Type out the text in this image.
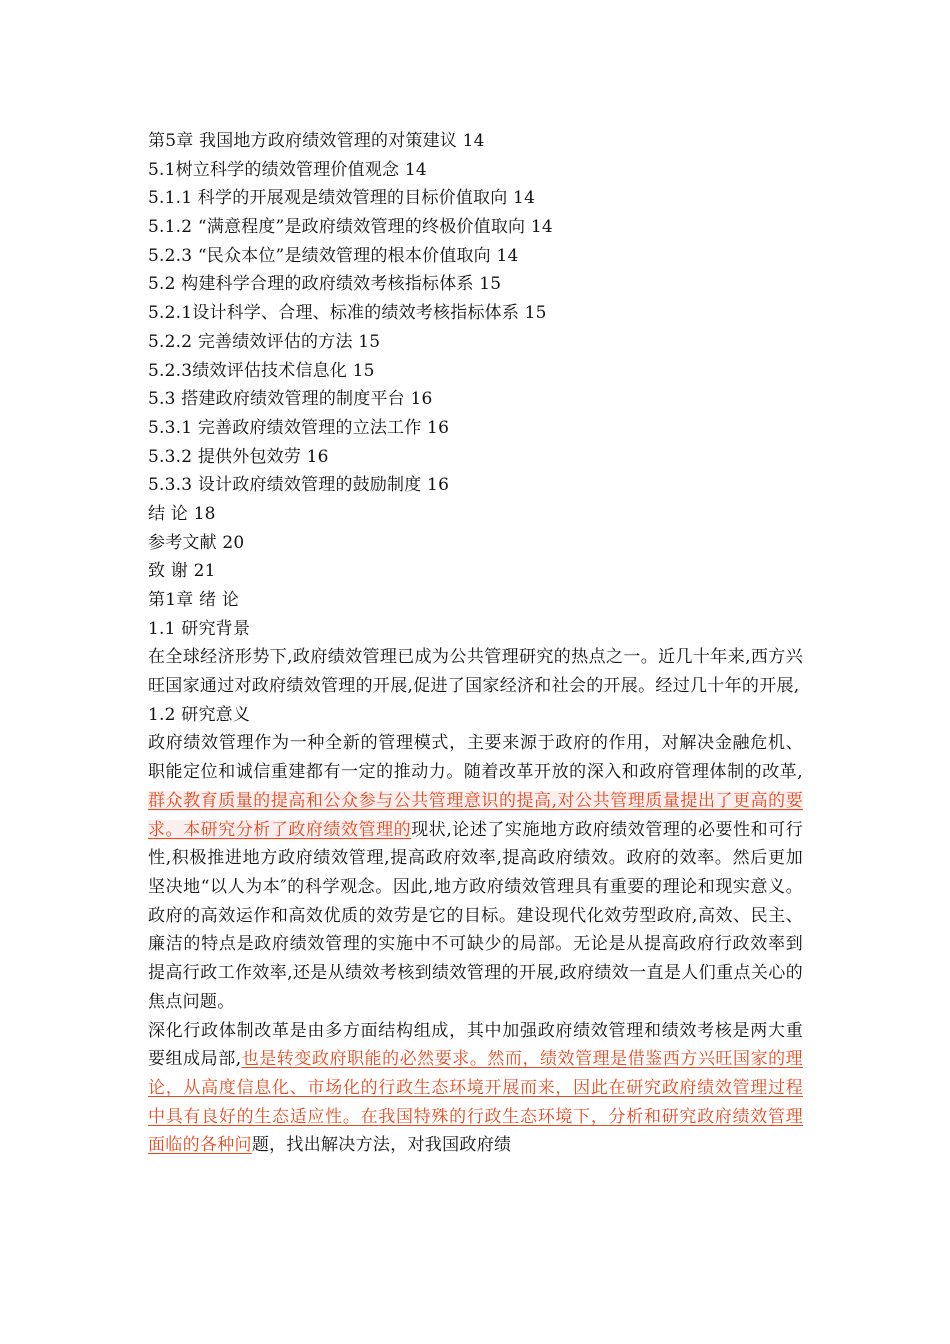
第5章 我国地方政府绩效管理的对策建议 14
5.1树立科学的绩效管理价值观念 14
5.1.1 科学的开展观是绩效管理的目标价值取向 14
5.1.2 “满意程度”是政府绩效管理的终极价值取向 14
5.2.3 “民众本位”是绩效管理的根本价值取向 14
5.2 构建科学合理的政府绩效考核指标体系 15
5.2.1设计科学、合理、标准的绩效考核指标体系 15
5.2.2 完善绩效评估的方法 15
5.2.3绩效评估技术信息化 15
5.3 搭建政府绩效管理的制度平台 16
5.3.1 完善政府绩效管理的立法工作 16
5.3.2 提供外包效劳 16
5.3.3 设计政府绩效管理的鼓励制度 16
结 论 18
参考文献 20
致 谢 21
第1章 绪 论
1.1 研究背景
在全球经济形势下,政府绩效管理已成为公共管理研究的热点之一。近几十年来,西方兴旺国家通过对政府绩效管理的开展,促进了国家经济和社会的开展。经过几十年的开展,
1.2 研究意义
政府绩效管理作为一种全新的管理模式，主要来源于政府的作用，对解决金融危机、职能定位和诚信重建都有一定的推动力。随着改革开放的深入和政府管理体制的改革,群众教育质量的提高和公众参与公共管理意识的提高,对公共管理质量提出了更高的要求。本研究分析了政府绩效管理的现状,论述了实施地方政府绩效管理的必要性和可行性,积极推进地方政府绩效管理,提高政府效率,提高政府绩效。政府的效率。然后更加坚决地“以人为本″的科学观念。因此,地方政府绩效管理具有重要的理论和现实意义。政府的高效运作和高效优质的效劳是它的目标。建设现代化效劳型政府,高效、民主、廉洁的特点是政府绩效管理的实施中不可缺少的局部。无论是从提高政府行政效率到提高行政工作效率,还是从绩效考核到绩效管理的开展,政府绩效一直是人们重点关心的焦点问题。
深化行政体制改革是由多方面结构组成，其中加强政府绩效管理和绩效考核是两大重要组成局部,也是转变政府职能的必然要求。然而，绩效管理是借鉴西方兴旺国家的理论，从高度信息化、市场化的行政生态环境开展而来，因此在研究政府绩效管理过程中具有良好的生态适应性。在我国特殊的行政生态环境下，分析和研究政府绩效管理面临的各种问题，找出解决方法，对我国政府绩
